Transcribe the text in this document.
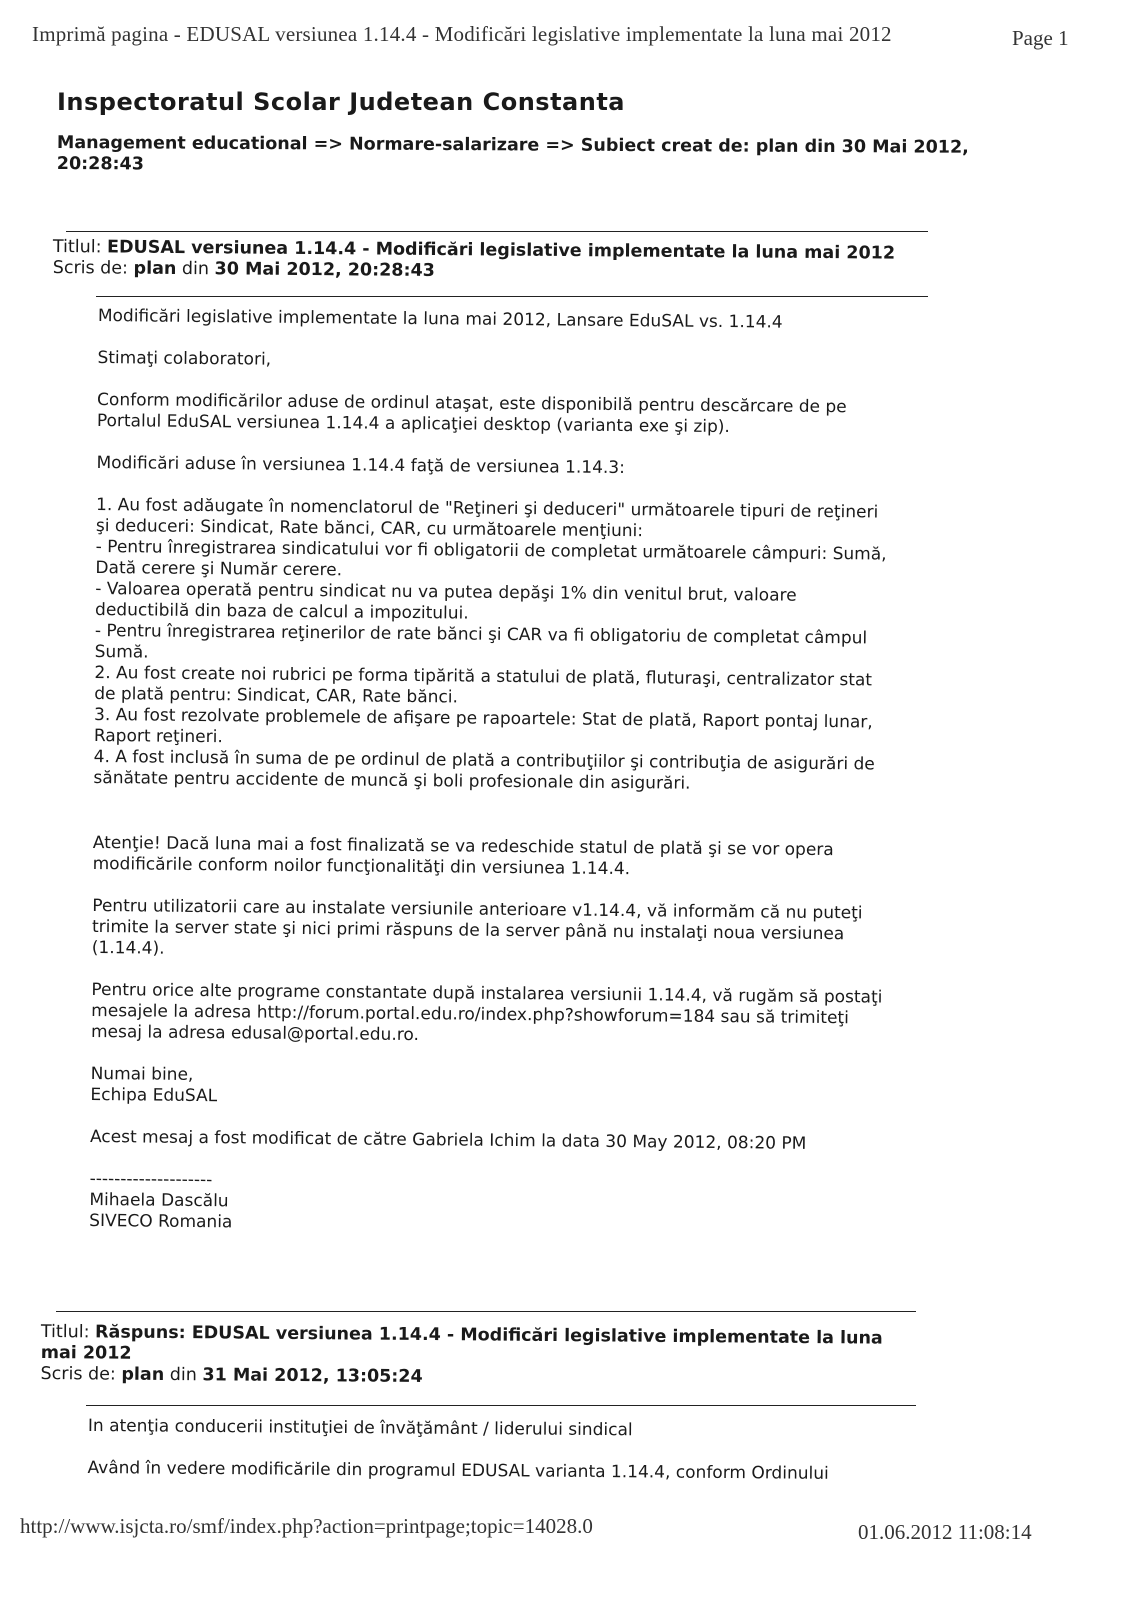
Imprimă pagina - EDUSAL versiunea 1.14.4 - Modificări legislative implementate la luna mai 2012	Page 1
Inspectoratul Scolar Judetean Constanta
Management educational => Normare-salarizare => Subiect creat de: plan din 30 Mai 2012, 20:28:43
Titlul: EDUSAL versiunea 1.14.4 - Modificări legislative implementate la luna mai 2012
Scris de: plan din 30 Mai 2012, 20:28:43

Modificări legislative implementate la luna mai 2012, Lansare EduSAL vs. 1.14.4

Stimaţi colaboratori,

Conform modificărilor aduse de ordinul ataşat, este disponibilă pentru descărcare de pe Portalul EduSAL versiunea 1.14.4 a aplicaţiei desktop (varianta exe şi zip).

Modificări aduse în versiunea 1.14.4 faţă de versiunea 1.14.3:

1. Au fost adăugate în nomenclatorul de "Reţineri şi deduceri" următoarele tipuri de reţineri şi deduceri: Sindicat, Rate bănci, CAR, cu următoarele menţiuni:

- Pentru înregistrarea sindicatului vor fi obligatorii de completat următoarele câmpuri: Sumă, Dată cerere şi Număr cerere.

- Valoarea operată pentru sindicat nu va putea depăşi 1% din venitul brut, valoare deductibilă din baza de calcul a impozitului.

- Pentru înregistrarea reţinerilor de rate bănci şi CAR va fi obligatoriu de completat câmpul Sumă.

2. Au fost create noi rubrici pe forma tipărită a statului de plată, fluturaşi, centralizator stat de plată pentru: Sindicat, CAR, Rate bănci.

3. Au fost rezolvate problemele de afişare pe rapoartele: Stat de plată, Raport pontaj lunar, Raport reţineri.

4. A fost inclusă în suma de pe ordinul de plată a contribuţiilor şi contribuţia de asigurări de sănătate pentru accidente de muncă şi boli profesionale din asigurări.

Atenţie! Dacă luna mai a fost finalizată se va redeschide statul de plată şi se vor opera modificările conform noilor funcţionalităţi din versiunea 1.14.4.

Pentru utilizatorii care au instalate versiunile anterioare v1.14.4, vă informăm că nu puteţi trimite la server state şi nici primi răspuns de la server până nu instalaţi noua versiunea (1.14.4).

Pentru orice alte programe constantate după instalarea versiunii 1.14.4, vă rugăm să postaţi mesajele la adresa http://forum.portal.edu.ro/index.php?showforum=184 sau să trimiteţi mesaj la adresa edusal@portal.edu.ro.

Numai bine,

Echipa EduSAL

Acest mesaj a fost modificat de către Gabriela Ichim la data 30 May 2012, 08:20 PM

--------------------

Mihaela Dascălu

SIVECO Romania

Titlul: Răspuns: EDUSAL versiunea 1.14.4 - Modificări legislative implementate la luna mai 2012
Scris de: plan din 31 Mai 2012, 13:05:24

In atenţia conducerii instituţiei de învăţământ / liderului sindical

Având în vedere modificările din programul EDUSAL varianta 1.14.4, conform Ordinului

http://www.isjcta.ro/smf/index.php?action=printpage;topic=14028.0	01.06.2012 11:08:14
